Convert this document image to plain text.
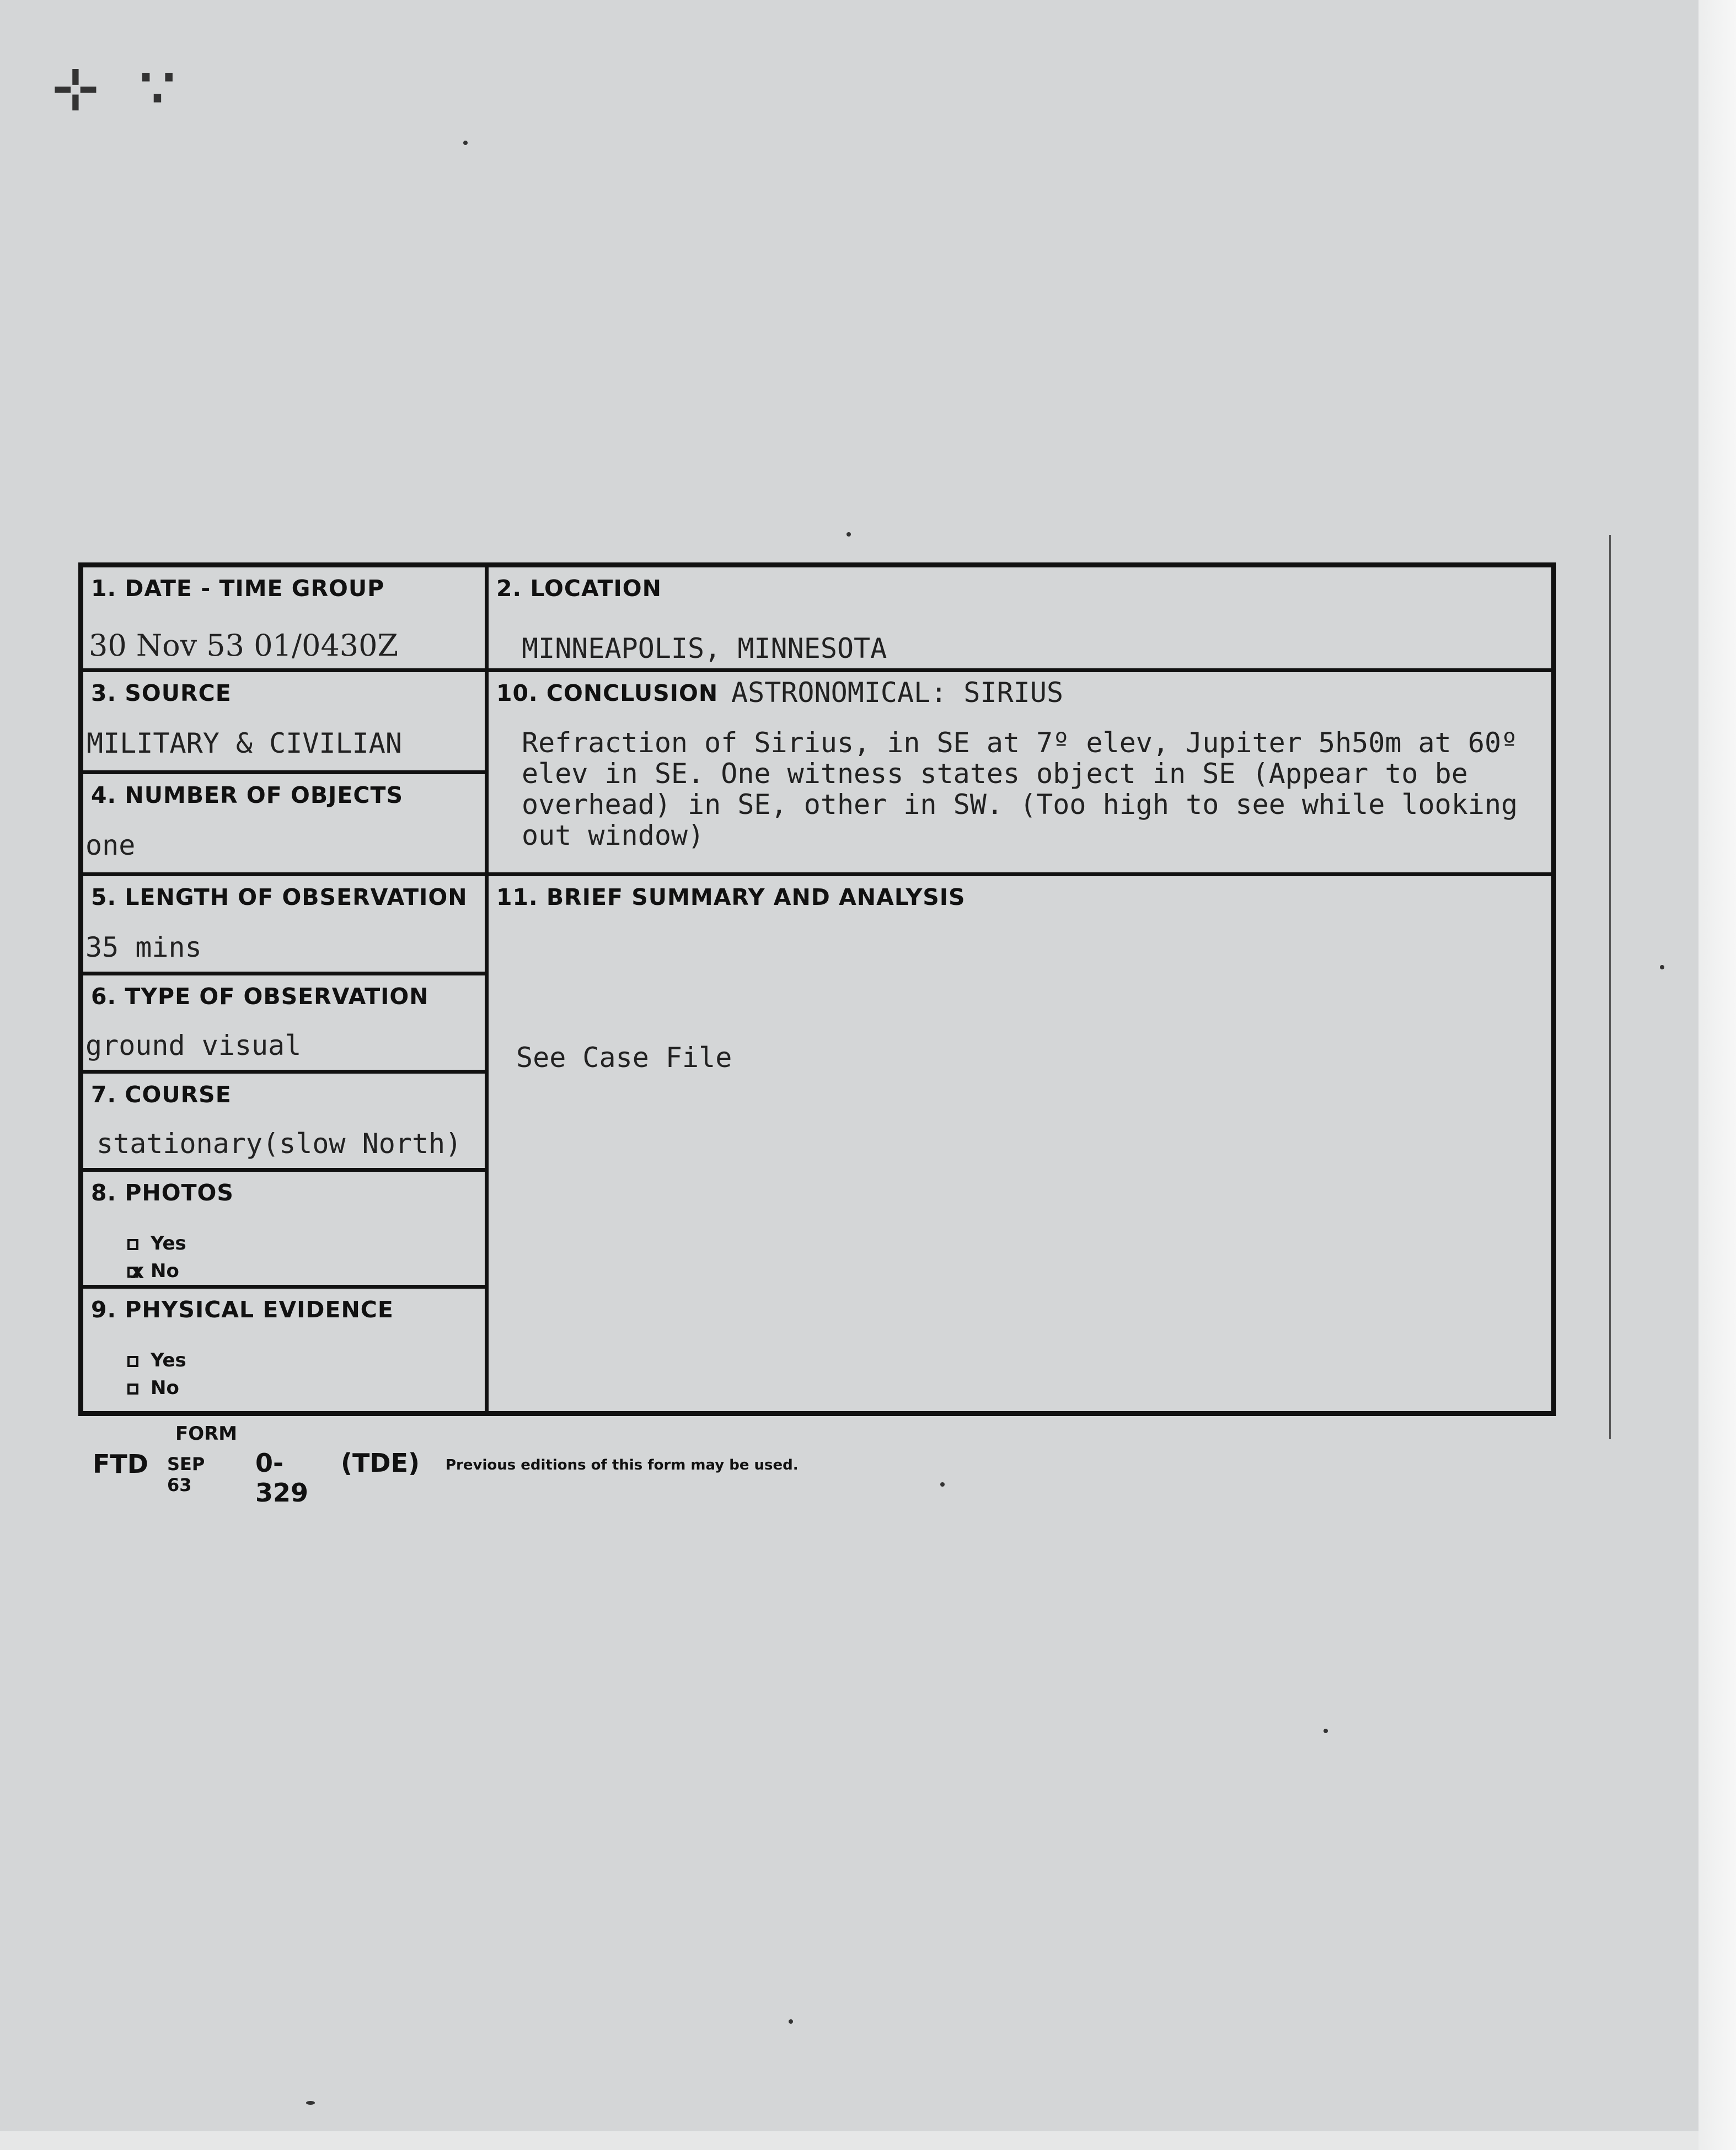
⊹ ∵
1. DATE - TIME GROUP
30 Nov 53 01/0430Z
3. SOURCE
MILITARY & CIVILIAN
4. NUMBER OF OBJECTS
one
5. LENGTH OF OBSERVATION
35 mins
6. TYPE OF OBSERVATION
ground visual
7. COURSE
stationary(slow North)
8. PHOTOS
Yes
xNo
9. PHYSICAL EVIDENCE
Yes
No
2. LOCATION
MINNEAPOLIS, MINNESOTA
10. CONCLUSION ASTRONOMICAL: SIRIUS
Refraction of Sirius, in SE at 7º elev, Jupiter 5h50m at 60º
elev in SE. One witness states object in SE (Appear to be
overhead) in SE, other in SW. (Too high to see while looking
out window)
11. BRIEF SUMMARY AND ANALYSIS
See Case File
FORM
FTD SEP 63
0-329
(TDE) Previous editions of this form may be used.
